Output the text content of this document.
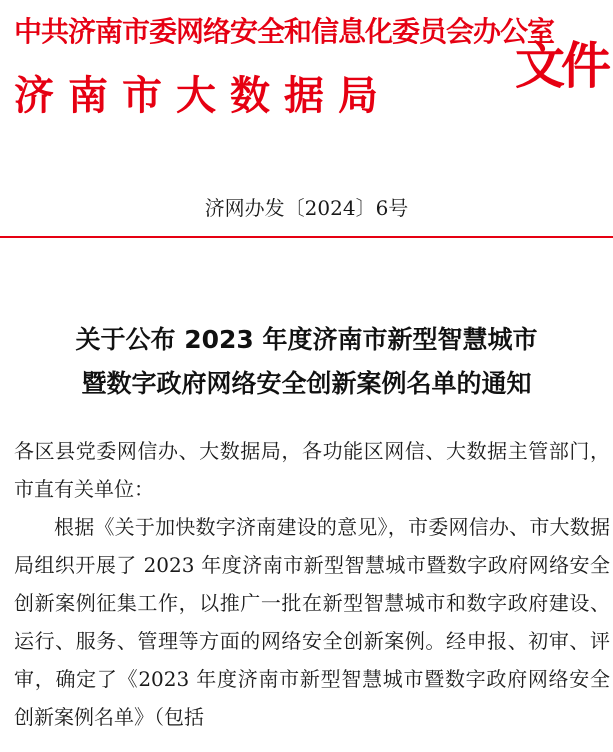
中共济南市委网络安全和信息化委员会办公室
济南市大数据局
文件
济网办发〔2024〕6号
关于公布 2023 年度济南市新型智慧城市
暨数字政府网络安全创新案例名单的通知

各区县党委网信办、大数据局，各功能区网信、大数据主管部门，市直有关单位：

根据《关于加快数字济南建设的意见》，市委网信办、市大数据局组织开展了 2023 年度济南市新型智慧城市暨数字政府网络安全创新案例征集工作，以推广一批在新型智慧城市和数字政府建设、运行、服务、管理等方面的网络安全创新案例。经申报、初审、评审，确定了《2023 年度济南市新型智慧城市暨数字政府网络安全创新案例名单》（包括
